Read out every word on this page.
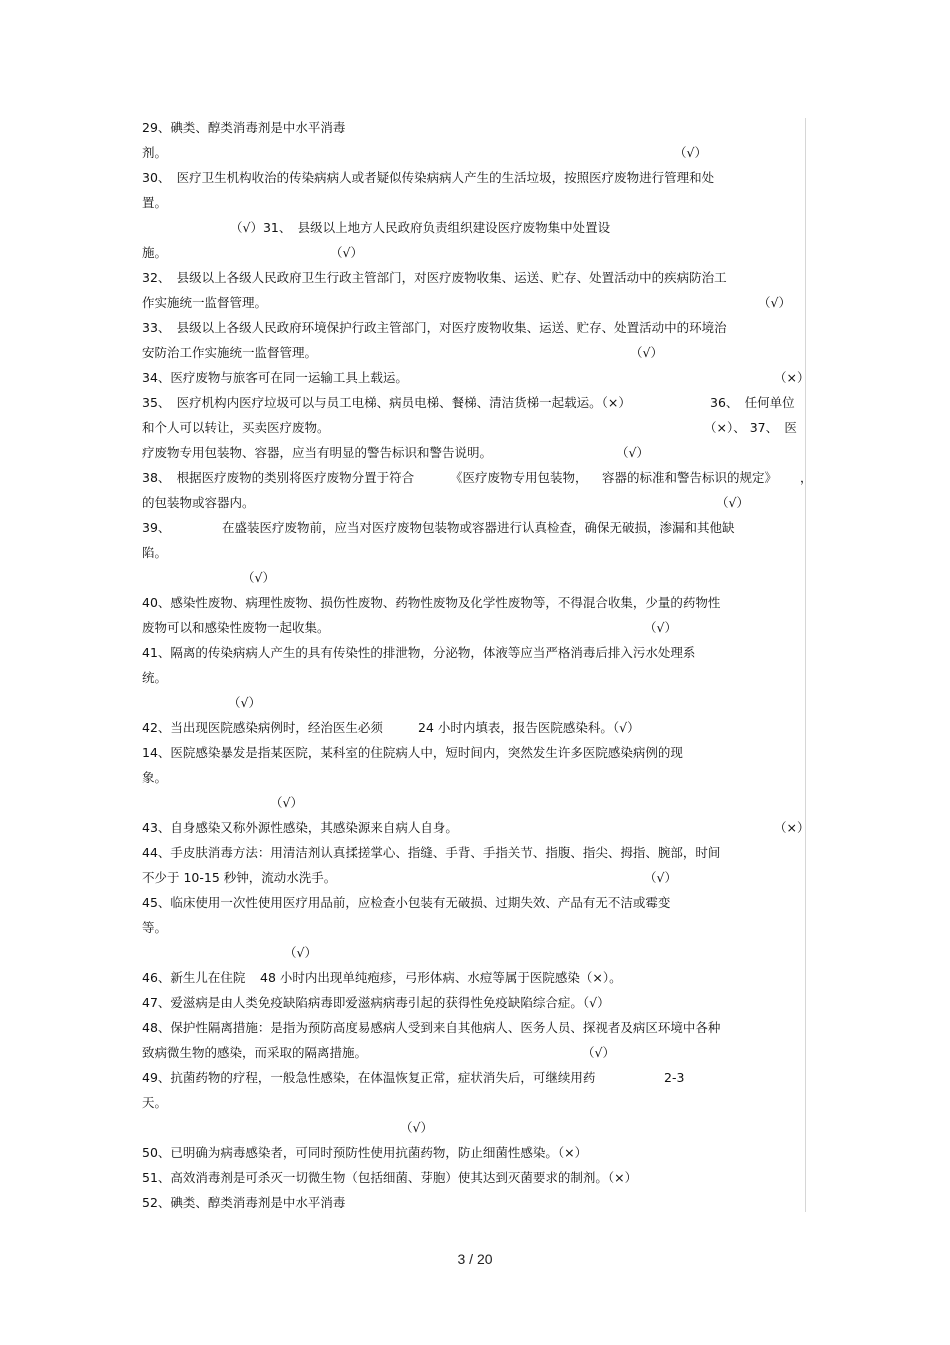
29、碘类、醇类消毒剂是中水平消毒
剂。	（√）
30、　医疗卫生机构收治的传染病病人或者疑似传染病病人产生的生活垃圾，按照医疗废物进行管理和处
置。
（√）31、　县级以上地方人民政府负责组织建设医疗废物集中处置设
施。	（√）
32、　县级以上各级人民政府卫生行政主管部门，对医疗废物收集、运送、贮存、处置活动中的疾病防治工
作实施统一监督管理。	（√）
33、　县级以上各级人民政府环境保护行政主管部门，对医疗废物收集、运送、贮存、处置活动中的环境治
安防治工作实施统一监督管理。	（√）
34、医疗废物与旅客可在同一运输工具上载运。	（×）
35、　医疗机构内医疗垃圾可以与员工电梯、病员电梯、餐梯、清洁货梯一起载运。（×）	36、　任何单位
和个人可以转让，买卖医疗废物。	（×）、 37、　医
疗废物专用包装物、容器，应当有明显的警告标识和警告说明。	（√）
38、　根据医疗废物的类别将医疗废物分置于符合	《医疗废物专用包装物， 容器的标准和警告标识的规定》 ，
的包装物或容器内。	（√）
39、	在盛装医疗废物前，应当对医疗废物包装物或容器进行认真检查，确保无破损，渗漏和其他缺
陷。
（√）
40、感染性废物、病理性废物、损伤性废物、药物性废物及化学性废物等，不得混合收集，少量的药物性
废物可以和感染性废物一起收集。	（√）
41、隔离的传染病病人产生的具有传染性的排泄物，分泌物，体液等应当严格消毒后排入污水处理系
统。
（√）
42、当出现医院感染病例时，经治医生必须	24 小时内填表，报告医院感染科。（√）
14、医院感染暴发是指某医院，某科室的住院病人中，短时间内，突然发生许多医院感染病例的现
象。
（√）
43、自身感染又称外源性感染，其感染源来自病人自身。	（×）
44、手皮肤消毒方法：用清洁剂认真揉搓掌心、指缝、手背、手指关节、指腹、指尖、拇指、腕部，时间
不少于 10-15 秒钟，流动水洗手。	（√）
45、临床使用一次性使用医疗用品前，应检查小包装有无破损、过期失效、产品有无不洁或霉变
等。
（√）
46、新生儿在住院 48 小时内出现单纯疱疹，弓形体病、水痘等属于医院感染（×）。
47、爱滋病是由人类免疫缺陷病毒即爱滋病病毒引起的获得性免疫缺陷综合症。（√）
48、保护性隔离措施：是指为预防高度易感病人受到来自其他病人、医务人员、探视者及病区环境中各种
致病微生物的感染，而采取的隔离措施。	（√）
49、抗菌药物的疗程，一般急性感染，在体温恢复正常，症状消失后，可继续用药	2-3
天。
（√）
50、已明确为病毒感染者，可同时预防性使用抗菌药物，防止细菌性感染。（×）
51、高效消毒剂是可杀灭一切微生物（包括细菌、芽胞）使其达到灭菌要求的制剂。（×）
52、碘类、醇类消毒剂是中水平消毒
3 / 20
